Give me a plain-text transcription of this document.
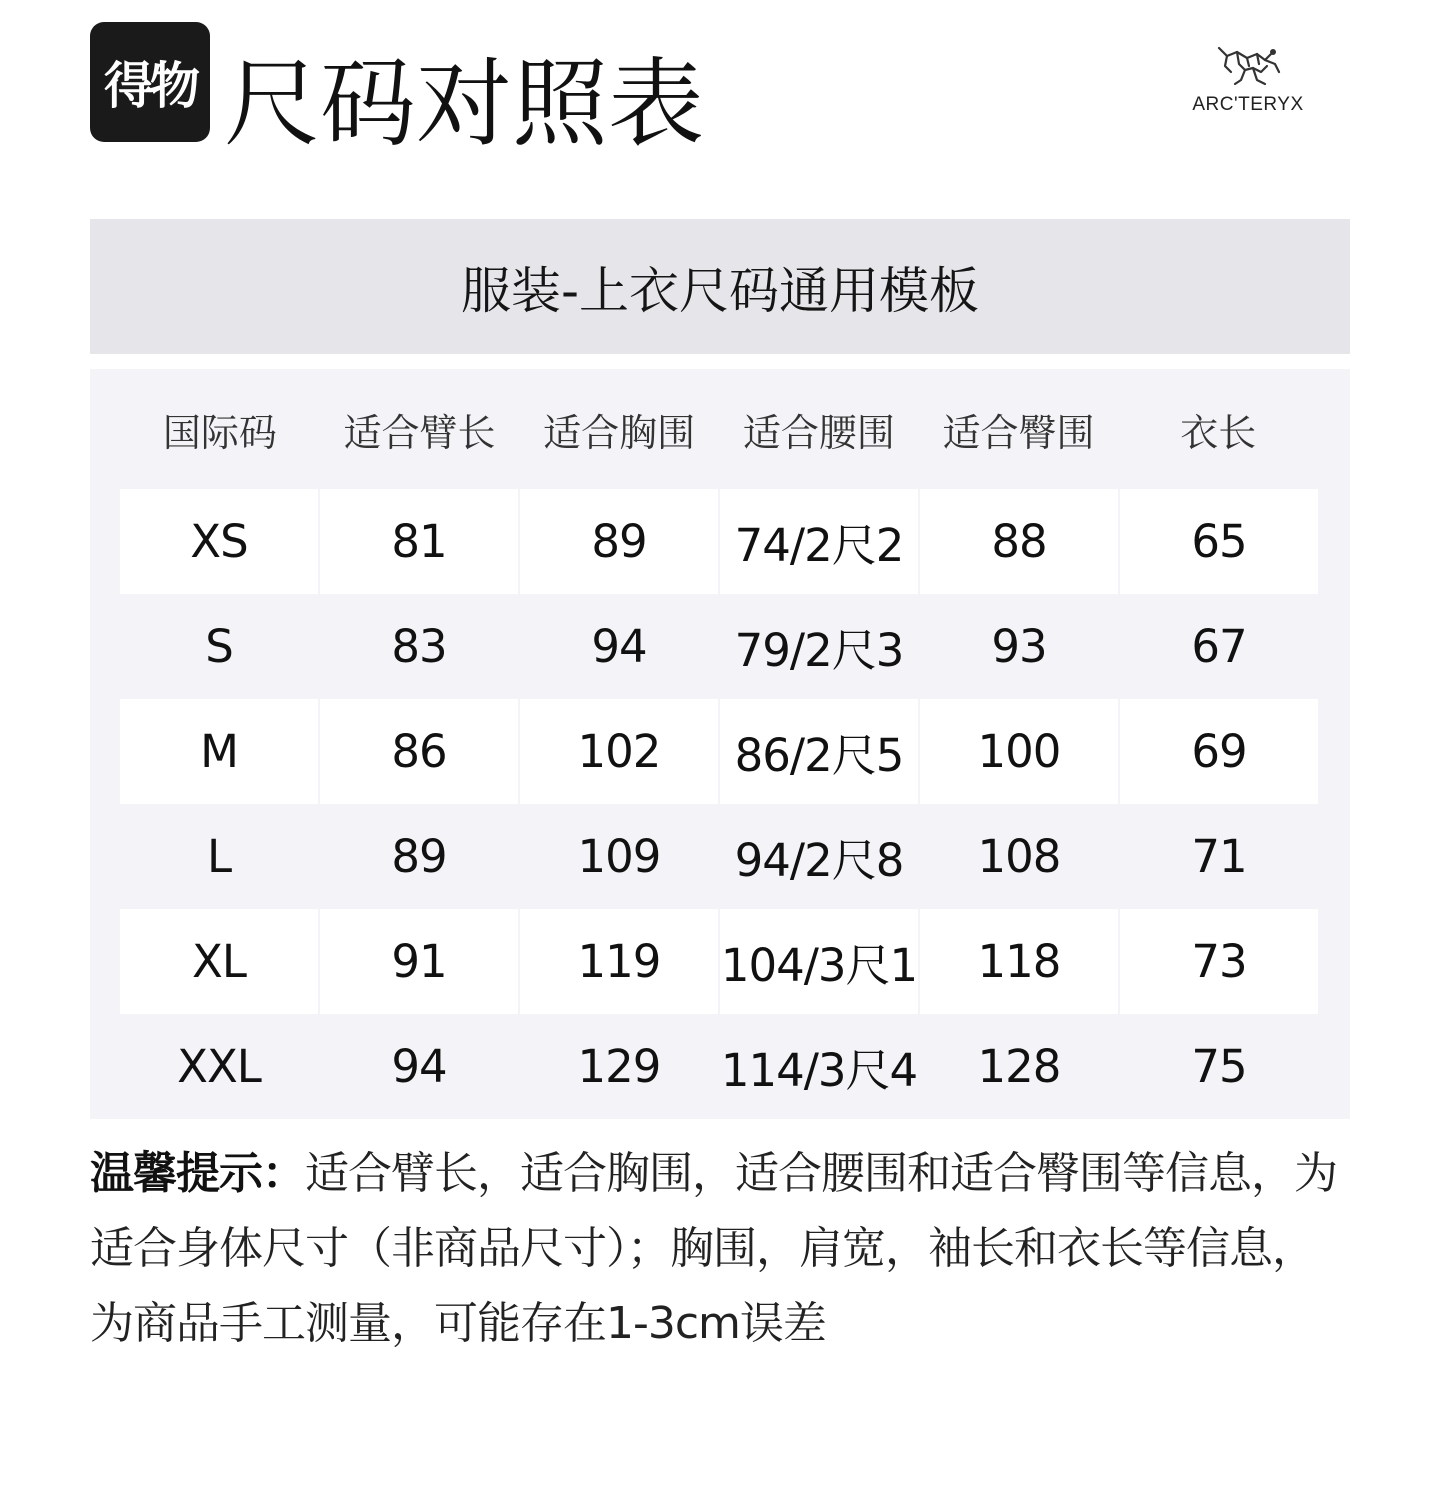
得物 尺码对照表	ARC'TERYX
服装-上衣尺码通用模板
国际码	适合臂长	适合胸围	适合腰围	适合臀围	衣长
XS	81	89	74/2尺2	88	65
S	83	94	79/2尺3	93	67
M	86	102	86/2尺5	100	69
L	89	109	94/2尺8	108	71
XL	91	119	104/3尺1	118	73
XXL	94	129	114/3尺4	128	75
温馨提示：适合臂长，适合胸围，适合腰围和适合臀围等信息，为适合身体尺寸（非商品尺寸）；胸围，肩宽，袖长和衣长等信息，为商品手工测量，可能存在1-3cm误差
